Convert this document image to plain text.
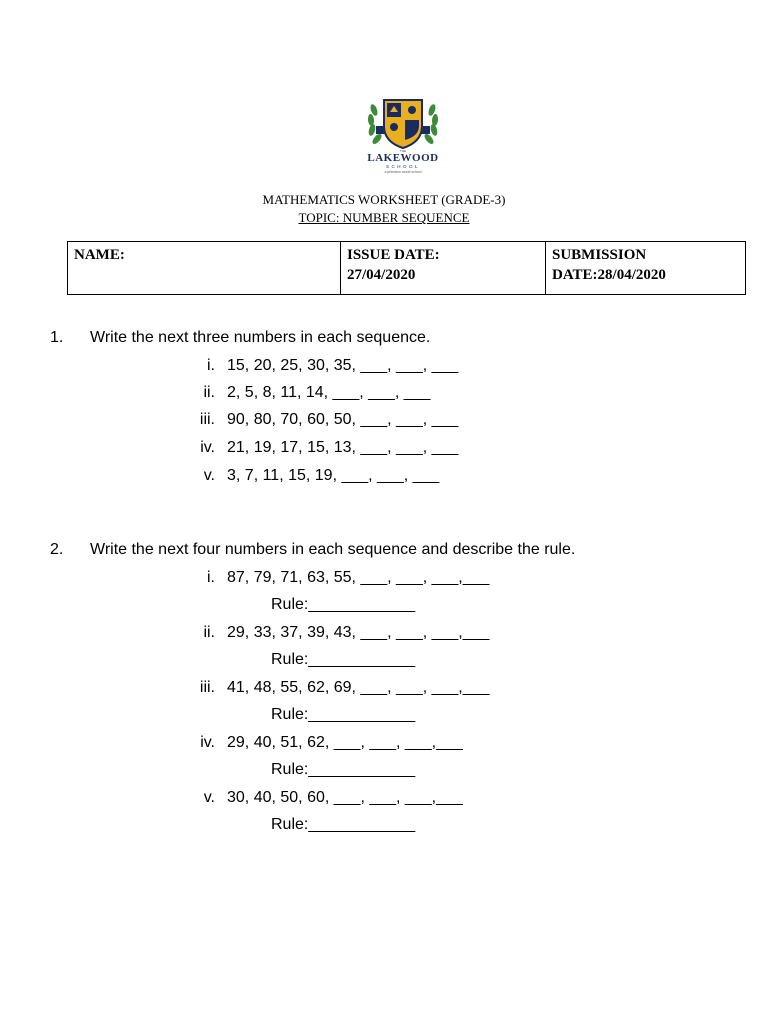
THE
LAKEWOOD
SCHOOL
a premium world school
MATHEMATICS WORKSHEET (GRADE-3)
TOPIC: NUMBER SEQUENCE
NAME:	ISSUE DATE:
27/04/2020
SUBMISSION
DATE:28/04/2020
1. Write the next three numbers in each sequence.
i. 15, 20, 25, 30, 35, ___, ___, ___
ii. 2, 5, 8, 11, 14, ___, ___, ___
iii. 90, 80, 70, 60, 50, ___, ___, ___
iv. 21, 19, 17, 15, 13, ___, ___, ___
v. 3, 7, 11, 15, 19, ___, ___, ___
2. Write the next four numbers in each sequence and describe the rule.
i. 87, 79, 71, 63, 55, ___, ___, ___,___
Rule:____________
ii. 29, 33, 37, 39, 43, ___, ___, ___,___
Rule:____________
iii. 41, 48, 55, 62, 69, ___, ___, ___,___
Rule:____________
iv. 29, 40, 51, 62, ___, ___, ___,___
Rule:____________
v. 30, 40, 50, 60, ___, ___, ___,___
Rule:____________
